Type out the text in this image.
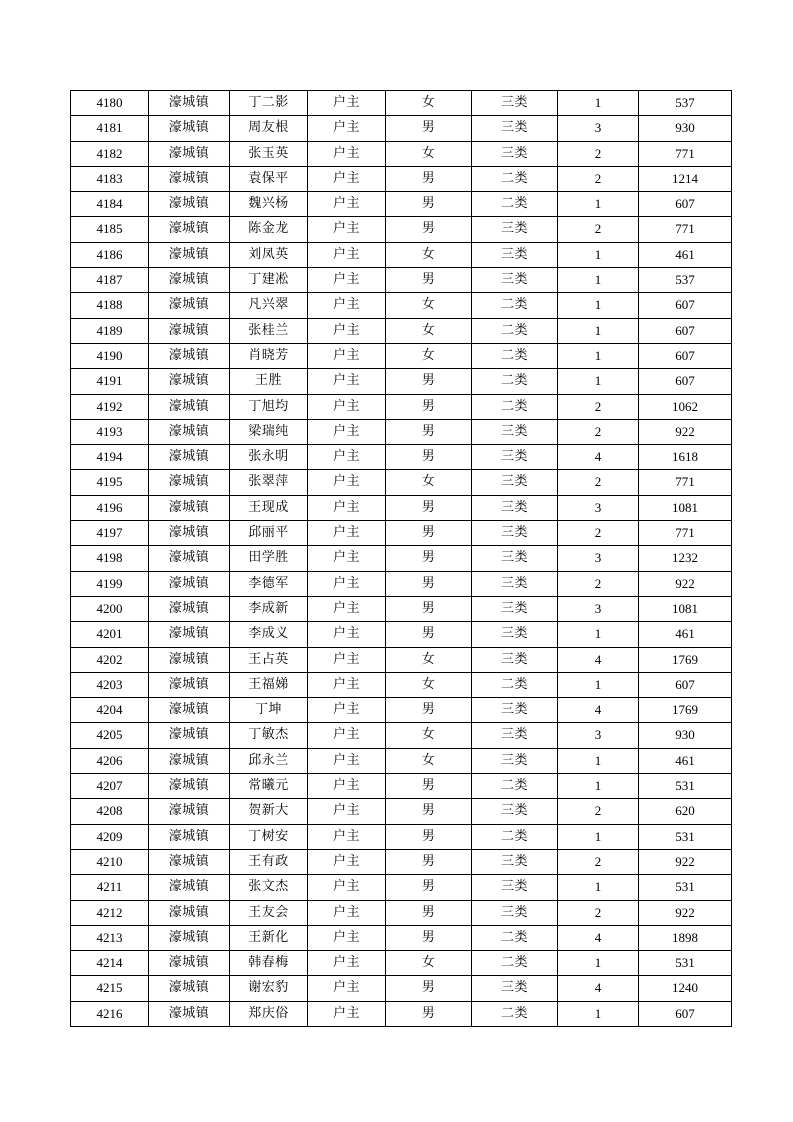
4180	濠城镇	丁二影	户主	女	三类	1	537
4181	濠城镇	周友根	户主	男	三类	3	930
4182	濠城镇	张玉英	户主	女	三类	2	771
4183	濠城镇	袁保平	户主	男	二类	2	1214
4184	濠城镇	魏兴杨	户主	男	二类	1	607
4185	濠城镇	陈金龙	户主	男	三类	2	771
4186	濠城镇	刘凤英	户主	女	三类	1	461
4187	濠城镇	丁建凇	户主	男	三类	1	537
4188	濠城镇	凡兴翠	户主	女	二类	1	607
4189	濠城镇	张桂兰	户主	女	二类	1	607
4190	濠城镇	肖晓芳	户主	女	二类	1	607
4191	濠城镇	王胜	户主	男	二类	1	607
4192	濠城镇	丁旭均	户主	男	二类	2	1062
4193	濠城镇	梁瑞纯	户主	男	三类	2	922
4194	濠城镇	张永明	户主	男	三类	4	1618
4195	濠城镇	张翠萍	户主	女	三类	2	771
4196	濠城镇	王现成	户主	男	三类	3	1081
4197	濠城镇	邱丽平	户主	男	三类	2	771
4198	濠城镇	田学胜	户主	男	三类	3	1232
4199	濠城镇	李德军	户主	男	三类	2	922
4200	濠城镇	李成新	户主	男	三类	3	1081
4201	濠城镇	李成义	户主	男	三类	1	461
4202	濠城镇	王占英	户主	女	三类	4	1769
4203	濠城镇	王福娣	户主	女	二类	1	607
4204	濠城镇	丁坤	户主	男	三类	4	1769
4205	濠城镇	丁敏杰	户主	女	三类	3	930
4206	濠城镇	邱永兰	户主	女	三类	1	461
4207	濠城镇	常曦元	户主	男	二类	1	531
4208	濠城镇	贺新大	户主	男	三类	2	620
4209	濠城镇	丁树安	户主	男	二类	1	531
4210	濠城镇	王有政	户主	男	三类	2	922
4211	濠城镇	张文杰	户主	男	三类	1	531
4212	濠城镇	王友会	户主	男	三类	2	922
4213	濠城镇	王新化	户主	男	二类	4	1898
4214	濠城镇	韩春梅	户主	女	二类	1	531
4215	濠城镇	谢宏豹	户主	男	三类	4	1240
4216	濠城镇	郑庆俗	户主	男	二类	1	607
